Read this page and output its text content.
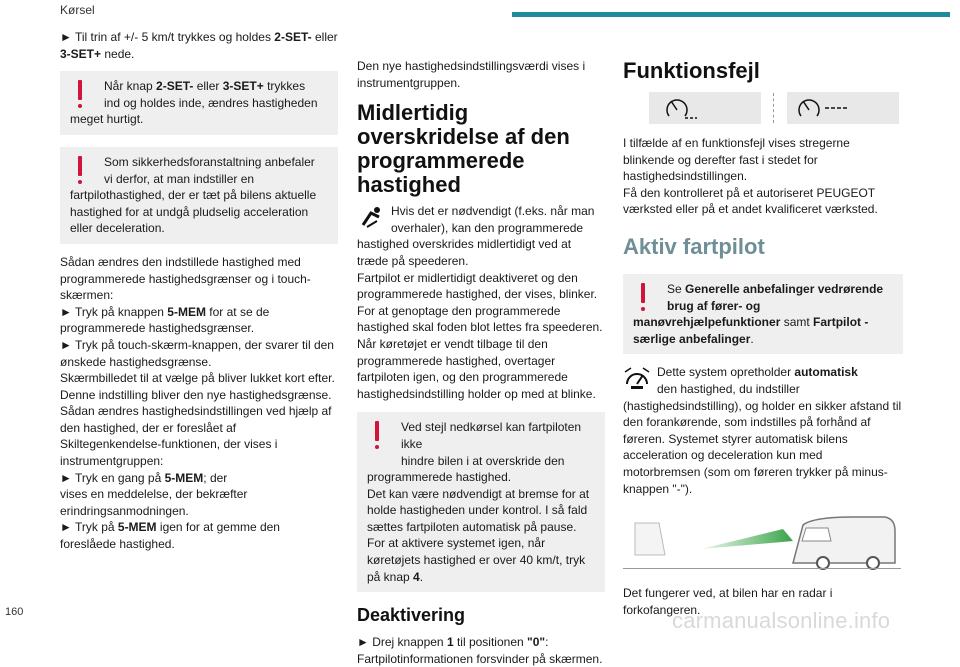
Kørsel

► Til trin af +/- 5 km/t trykkes og holdes 2-SET- eller 3-SET+ nede.

Når knap 2-SET- eller 3-SET+ trykkes
ind og holdes inde, ændres hastigheden
meget hurtigt.
Som sikkerhedsforanstaltning anbefaler
vi derfor, at man indstiller en
fartpilothastighed, der er tæt på bilens aktuelle hastighed for at undgå pludselig acceleration eller deceleration.

Sådan ændres den indstillede hastighed med programmerede hastighedsgrænser og i touch-skærmen:

► Tryk på knappen 5-MEM for at se de programmerede hastighedsgrænser.

► Tryk på touch-skærm-knappen, der svarer til den ønskede hastighedsgrænse.

Skærmbilledet til at vælge på bliver lukket kort efter.

Denne indstilling bliver den nye hastighedsgrænse.

Sådan ændres hastighedsindstillingen ved hjælp af den hastighed, der er foreslået af Skiltegenkendelse-funktionen, der vises i instrumentgruppen:

► Tryk en gang på 5-MEM; der

vises en meddelelse, der bekræfter erindringsanmodningen.

► Tryk på 5-MEM igen for at gemme den foreslåede hastighed.

Den nye hastighedsindstillingsværdi vises i instrumentgruppen.

Midlertidig overskridelse af den programmerede hastighed
Hvis det er nødvendigt (f.eks. når man
overhaler), kan den programmerede
hastighed overskrides midlertidigt ved at træde på speederen.

Fartpilot er midlertidigt deaktiveret og den programmerede hastighed, der vises, blinker.

For at genoptage den programmerede hastighed skal foden blot lettes fra speederen.

Når køretøjet er vendt tilbage til den programmerede hastighed, overtager fartpiloten igen, og den programmerede hastighedsindstilling holder op med at blinke.

Ved stejl nedkørsel kan fartpiloten ikke
hindre bilen i at overskride den
programmerede hastighed.
Det kan være nødvendigt at bremse for at holde hastigheden under kontrol. I så fald sættes fartpiloten automatisk på pause.
For at aktivere systemet igen, når køretøjets hastighed er over 40 km/t, tryk på knap 4.
Deaktivering

► Drej knappen 1 til positionen "0":

Fartpilotinformationen forsvinder på skærmen.

Funktionsfejl

I tilfælde af en funktionsfejl vises stregerne blinkende og derefter fast i stedet for hastighedsindstillingen.

Få den kontrolleret på et autoriseret PEUGEOT værksted eller på et andet kvalificeret værksted.

Aktiv fartpilot
Se Generelle anbefalinger vedrørende
brug af fører- og
manøvrehjælpefunktioner samt Fartpilot - særlige anbefalinger.
Dette system opretholder automatisk
den hastighed, du indstiller
(hastighedsindstilling), og holder en sikker afstand til den forankørende, som indstilles på forhånd af føreren. Systemet styrer automatisk bilens acceleration og deceleration kun med motorbremsen (som om føreren trykker på minus-knappen "-").

Det fungerer ved, at bilen har en radar i forkofangeren.

160	carmanualsonline.info
